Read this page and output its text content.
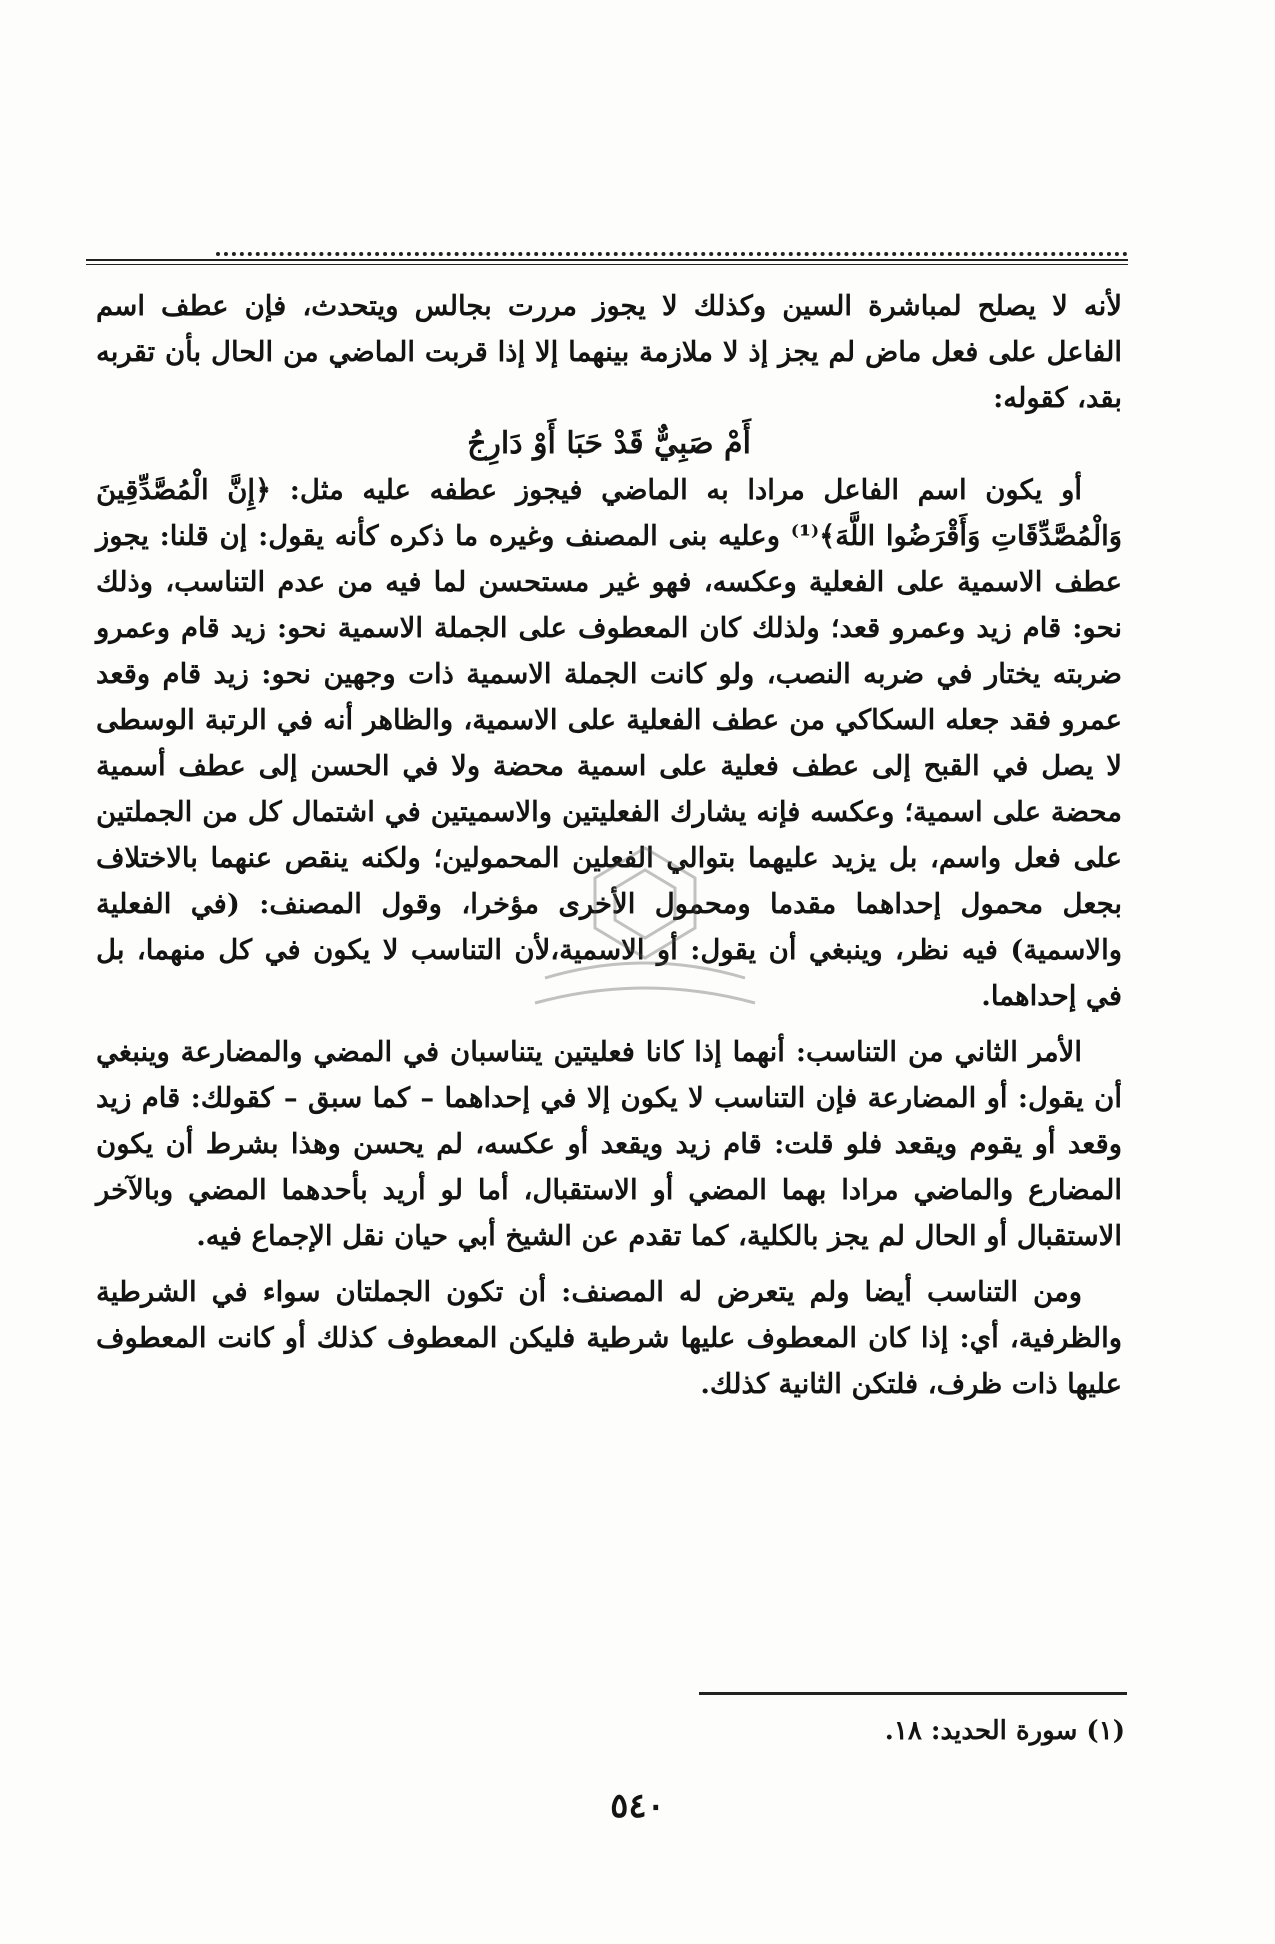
لأنه لا يصلح لمباشرة السين وكذلك لا يجوز مررت بجالس ويتحدث، فإن عطف اسم الفاعل على فعل ماض لم يجز إذ لا ملازمة بينهما إلا إذا قربت الماضي من الحال بأن تقربه بقد، كقوله:

أَمْ صَبِيٌّ قَدْ حَبَا أَوْ دَارِجُ

أو يكون اسم الفاعل مرادا به الماضي فيجوز عطفه عليه مثل: ﴿إِنَّ الْمُصَّدِّقِينَ وَالْمُصَّدِّقَاتِ وَأَقْرَضُوا اللَّهَ﴾⁽¹⁾ وعليه بنى المصنف وغيره ما ذكره كأنه يقول: إن قلنا: يجوز عطف الاسمية على الفعلية وعكسه، فهو غير مستحسن لما فيه من عدم التناسب، وذلك نحو: قام زيد وعمرو قعد؛ ولذلك كان المعطوف على الجملة الاسمية نحو: زيد قام وعمرو ضربته يختار في ضربه النصب، ولو كانت الجملة الاسمية ذات وجهين نحو: زيد قام وقعد عمرو فقد جعله السكاكي من عطف الفعلية على الاسمية، والظاهر أنه في الرتبة الوسطى لا يصل في القبح إلى عطف فعلية على اسمية محضة ولا في الحسن إلى عطف أسمية محضة على اسمية؛ وعكسه فإنه يشارك الفعليتين والاسميتين في اشتمال كل من الجملتين على فعل واسم، بل يزيد عليهما بتوالي الفعلين المحمولين؛ ولكنه ينقص عنهما بالاختلاف بجعل محمول إحداهما مقدما ومحمول الأخرى مؤخرا، وقول المصنف: (في الفعلية والاسمية) فيه نظر، وينبغي أن يقول: أو الاسمية،لأن التناسب لا يكون في كل منهما، بل في إحداهما.

الأمر الثاني من التناسب: أنهما إذا كانا فعليتين يتناسبان في المضي والمضارعة وينبغي أن يقول: أو المضارعة فإن التناسب لا يكون إلا في إحداهما – كما سبق – كقولك: قام زيد وقعد أو يقوم ويقعد فلو قلت: قام زيد ويقعد أو عكسه، لم يحسن وهذا بشرط أن يكون المضارع والماضي مرادا بهما المضي أو الاستقبال، أما لو أريد بأحدهما المضي وبالآخر الاستقبال أو الحال لم يجز بالكلية، كما تقدم عن الشيخ أبي حيان نقل الإجماع فيه.

ومن التناسب أيضا ولم يتعرض له المصنف: أن تكون الجملتان سواء في الشرطية والظرفية، أي: إذا كان المعطوف عليها شرطية فليكن المعطوف كذلك أو كانت المعطوف عليها ذات ظرف، فلتكن الثانية كذلك.

(١) سورة الحديد: ١٨.
٥٤٠
